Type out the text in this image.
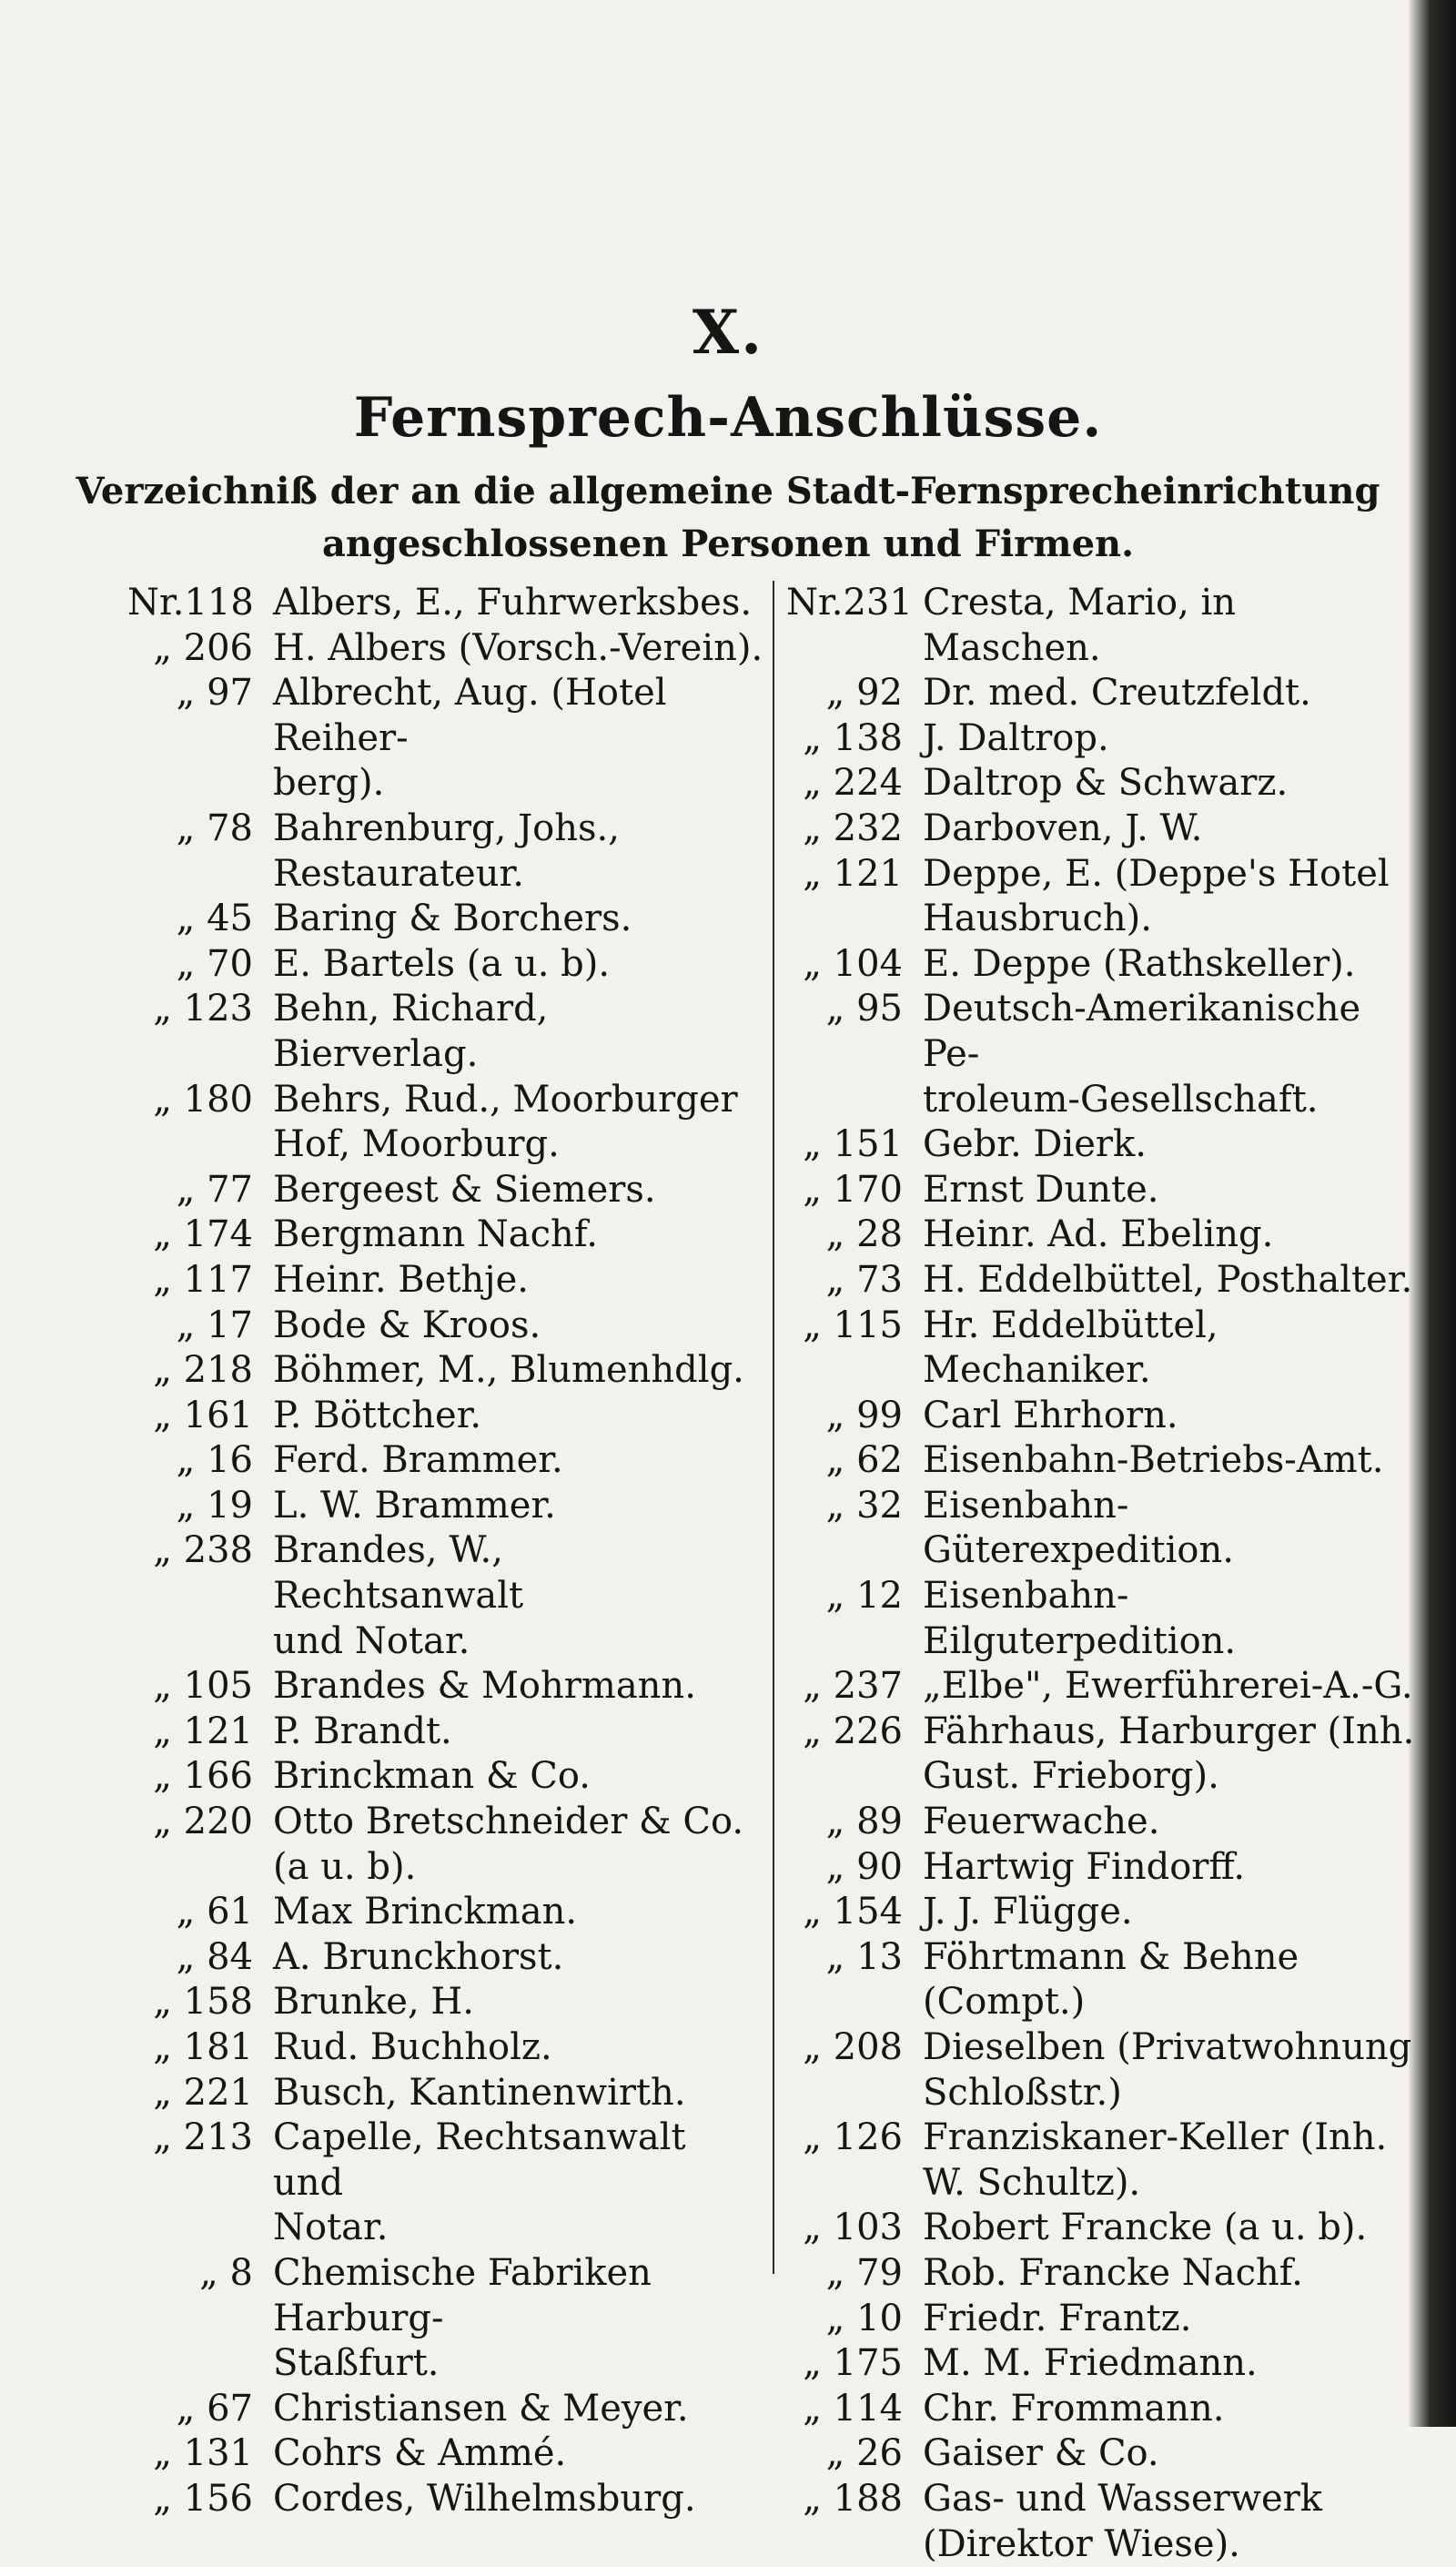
X.
Fernsprech-Anschlüsse.
Verzeichniß der an die allgemeine Stadt-Fernsprecheinrichtung
angeschlossenen Personen und Firmen.
Nr.118 Albers, E., Fuhrwerksbes.
„ 206 H. Albers (Vorsch.-Verein).
„ 97 Albrecht, Aug. (Hotel Reiher-
berg).
„ 78 Bahrenburg, Johs.,
Restaurateur.
„ 45 Baring & Borchers.
„ 70 E. Bartels (a u. b).
„ 123 Behn, Richard, Bierverlag.
„ 180 Behrs, Rud., Moorburger
Hof, Moorburg.
„ 77 Bergeest & Siemers.
„ 174 Bergmann Nachf.
„ 117 Heinr. Bethje.
„ 17 Bode & Kroos.
„ 218 Böhmer, M., Blumenhdlg.
„ 161 P. Böttcher.
„ 16 Ferd. Brammer.
„ 19 L. W. Brammer.
„ 238 Brandes, W., Rechtsanwalt
und Notar.
„ 105 Brandes & Mohrmann.
„ 121 P. Brandt.
„ 166 Brinckman & Co.
„ 220 Otto Bretschneider & Co.
(a u. b).
„ 61 Max Brinckman.
„ 84 A. Brunckhorst.
„ 158 Brunke, H.
„ 181 Rud. Buchholz.
„ 221 Busch, Kantinenwirth.
„ 213 Capelle, Rechtsanwalt und
Notar.
„ 8 Chemische Fabriken Harburg-
Staßfurt.
„ 67 Christiansen & Meyer.
„ 131 Cohrs & Ammé.
„ 156 Cordes, Wilhelmsburg.
Nr.231 Cresta, Mario, in Maschen.
„ 92 Dr. med. Creutzfeldt.
„ 138 J. Daltrop.
„ 224 Daltrop & Schwarz.
„ 232 Darboven, J. W.
„ 121 Deppe, E. (Deppe's Hotel
Hausbruch).
„ 104 E. Deppe (Rathskeller).
„ 95 Deutsch-Amerikanische Pe-
troleum-Gesellschaft.
„ 151 Gebr. Dierk.
„ 170 Ernst Dunte.
„ 28 Heinr. Ad. Ebeling.
„ 73 H. Eddelbüttel, Posthalter.
„ 115 Hr. Eddelbüttel, Mechaniker.
„ 99 Carl Ehrhorn.
„ 62 Eisenbahn-Betriebs-Amt.
„ 32 Eisenbahn-Güterexpedition.
„ 12 Eisenbahn-Eilguterpedition.
„ 237 „Elbe", Ewerführerei-A.-G.
„ 226 Fährhaus, Harburger (Inh.
Gust. Frieborg).
„ 89 Feuerwache.
„ 90 Hartwig Findorff.
„ 154 J. J. Flügge.
„ 13 Föhrtmann & Behne (Compt.)
„ 208 Dieselben (Privatwohnung
Schloßstr.)
„ 126 Franziskaner-Keller (Inh.
W. Schultz).
„ 103 Robert Francke (a u. b).
„ 79 Rob. Francke Nachf.
„ 10 Friedr. Frantz.
„ 175 M. M. Friedmann.
„ 114 Chr. Frommann.
„ 26 Gaiser & Co.
„ 188 Gas- und Wasserwerk
(Direktor Wiese).
